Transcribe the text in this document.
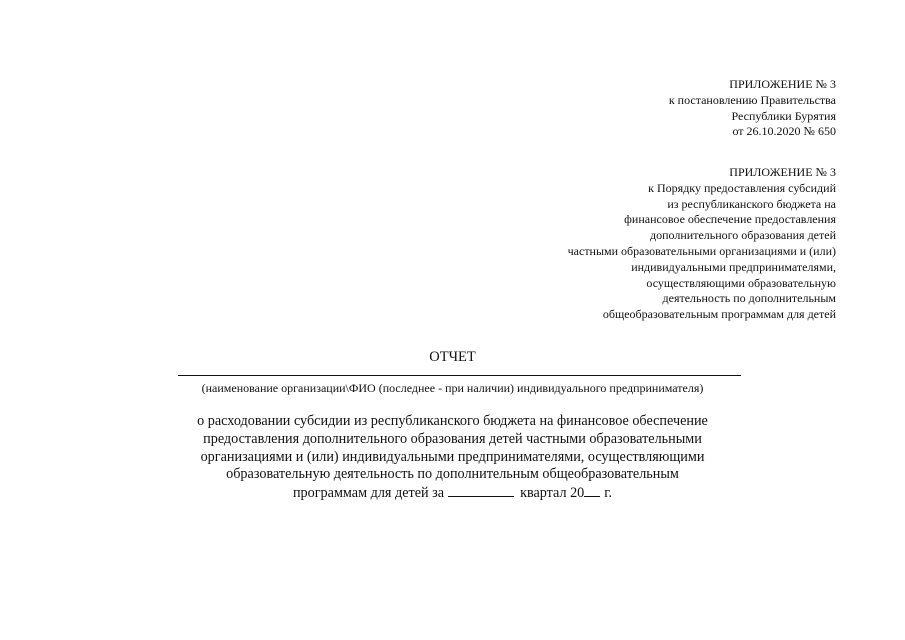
ПРИЛОЖЕНИЕ № 3
к постановлению Правительства
Республики Бурятия
от 26.10.2020 № 650
ПРИЛОЖЕНИЕ № 3
к Порядку предоставления субсидий
из республиканского бюджета на
финансовое обеспечение предоставления
дополнительного образования детей
частными образовательными организациями и (или)
индивидуальными предпринимателями,
осуществляющими образовательную
деятельность по дополнительным
общеобразовательным программам для детей
ОТЧЕТ
(наименование организации\ФИО (последнее - при наличии) индивидуального предпринимателя)
о расходовании субсидии из республиканского бюджета на финансовое обеспечение
предоставления дополнительного образования детей частными образовательными
организациями и (или) индивидуальными предпринимателями, осуществляющими
образовательную деятельность по дополнительным общеобразовательным
программам для детей за	квартал 20 г.
